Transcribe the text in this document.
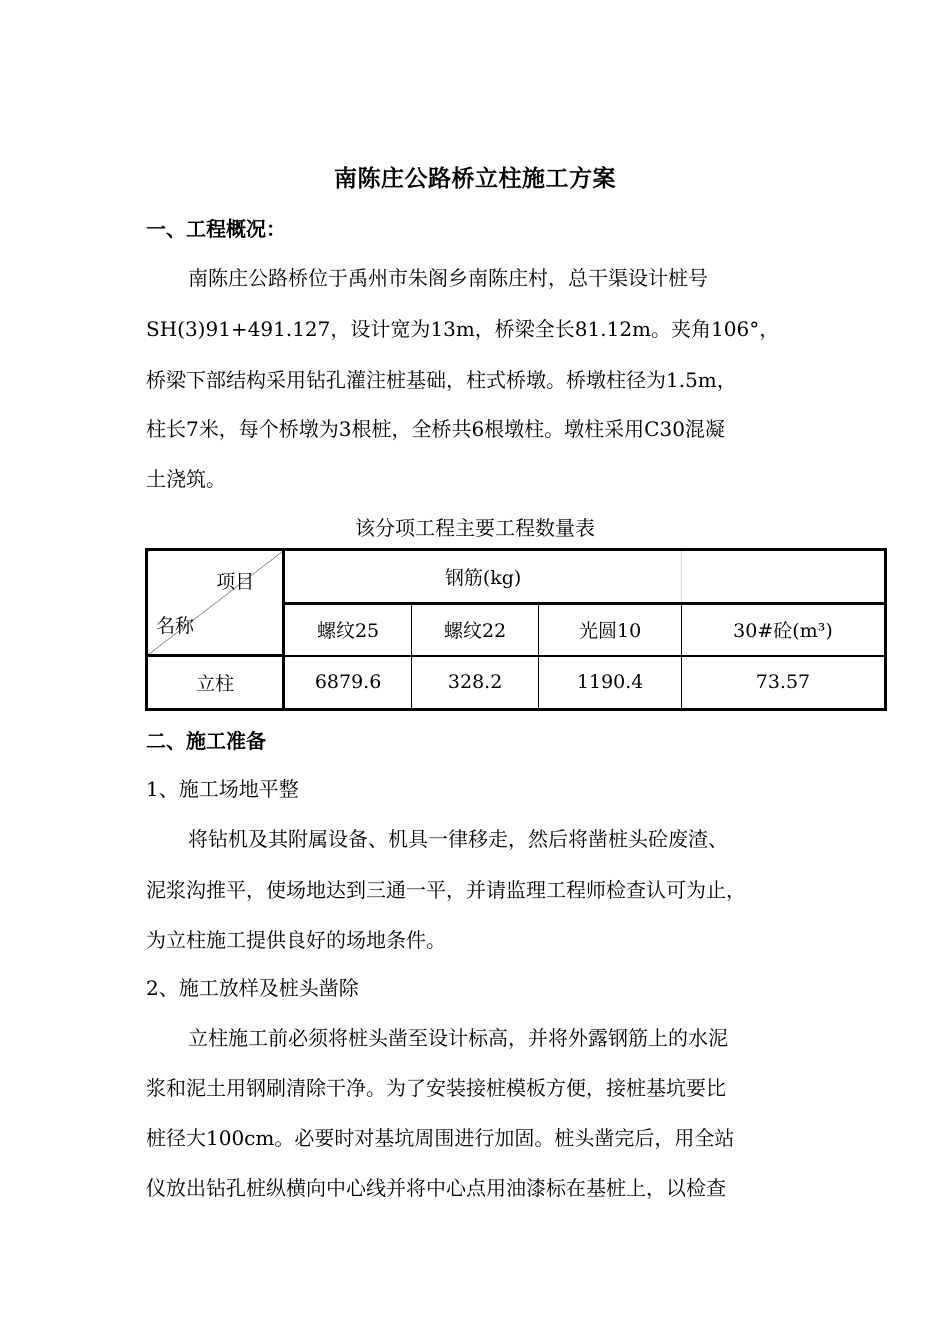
南陈庄公路桥立柱施工方案
一、工程概况：
南陈庄公路桥位于禹州市朱阁乡南陈庄村，总干渠设计桩号
SH(3)91+491.127，设计宽为13m，桥梁全长81.12m。夹角106°，
桥梁下部结构采用钻孔灌注桩基础，柱式桥墩。桥墩柱径为1.5m，
柱长7米，每个桥墩为3根桩，全桥共6根墩柱。墩柱采用C30混凝
土浇筑。
该分项工程主要工程数量表
项目
名称	钢筋(kg)			
	螺纹25	螺纹22	光圆10	30#砼(m³)
立柱	6879.6	328.2	1190.4	73.57
二、施工准备
1、施工场地平整
将钻机及其附属设备、机具一律移走，然后将凿桩头砼废渣、
泥浆沟推平，使场地达到三通一平，并请监理工程师检查认可为止，
为立柱施工提供良好的场地条件。
2、施工放样及桩头凿除
立柱施工前必须将桩头凿至设计标高，并将外露钢筋上的水泥
浆和泥土用钢刷清除干净。为了安装接桩模板方便，接桩基坑要比
桩径大100cm。必要时对基坑周围进行加固。桩头凿完后，用全站
仪放出钻孔桩纵横向中心线并将中心点用油漆标在基桩上，以检查
